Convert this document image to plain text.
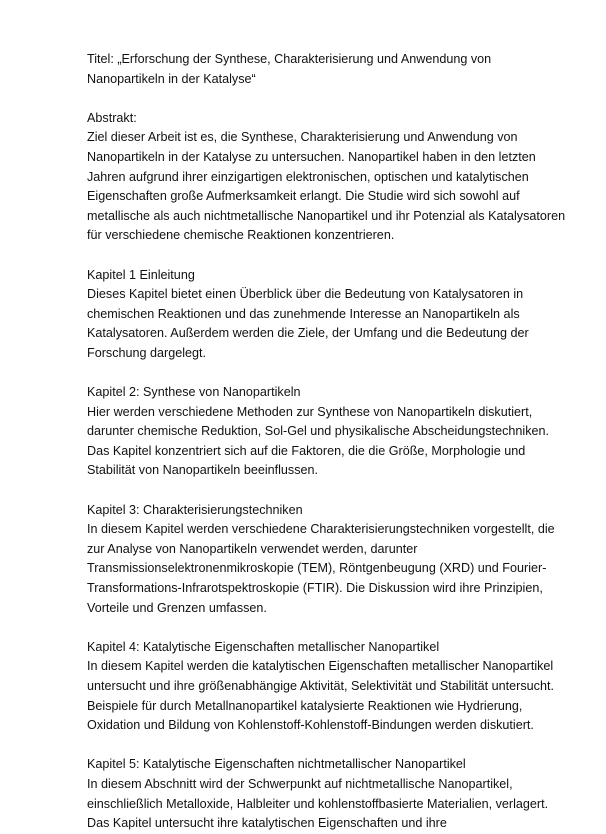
Titel: „Erforschung der Synthese, Charakterisierung und Anwendung von Nanopartikeln in der Katalyse“

Abstrakt:

Ziel dieser Arbeit ist es, die Synthese, Charakterisierung und Anwendung von Nanopartikeln in der Katalyse zu untersuchen. Nanopartikel haben in den letzten Jahren aufgrund ihrer einzigartigen elektronischen, optischen und katalytischen Eigenschaften große Aufmerksamkeit erlangt. Die Studie wird sich sowohl auf metallische als auch nichtmetallische Nanopartikel und ihr Potenzial als Katalysatoren für verschiedene chemische Reaktionen konzentrieren.

Kapitel 1 Einleitung

Dieses Kapitel bietet einen Überblick über die Bedeutung von Katalysatoren in chemischen Reaktionen und das zunehmende Interesse an Nanopartikeln als Katalysatoren. Außerdem werden die Ziele, der Umfang und die Bedeutung der Forschung dargelegt.

Kapitel 2: Synthese von Nanopartikeln

Hier werden verschiedene Methoden zur Synthese von Nanopartikeln diskutiert, darunter chemische Reduktion, Sol-Gel und physikalische Abscheidungstechniken. Das Kapitel konzentriert sich auf die Faktoren, die die Größe, Morphologie und Stabilität von Nanopartikeln beeinflussen.

Kapitel 3: Charakterisierungstechniken

In diesem Kapitel werden verschiedene Charakterisierungstechniken vorgestellt, die zur Analyse von Nanopartikeln verwendet werden, darunter Transmissionselektronenmikroskopie (TEM), Röntgenbeugung (XRD) und Fourier-Transformations-Infrarotspektroskopie (FTIR). Die Diskussion wird ihre Prinzipien, Vorteile und Grenzen umfassen.

Kapitel 4: Katalytische Eigenschaften metallischer Nanopartikel

In diesem Kapitel werden die katalytischen Eigenschaften metallischer Nanopartikel untersucht und ihre größenabhängige Aktivität, Selektivität und Stabilität untersucht. Beispiele für durch Metallnanopartikel katalysierte Reaktionen wie Hydrierung, Oxidation und Bildung von Kohlenstoff-Kohlenstoff-Bindungen werden diskutiert.

Kapitel 5: Katalytische Eigenschaften nichtmetallischer Nanopartikel

In diesem Abschnitt wird der Schwerpunkt auf nichtmetallische Nanopartikel, einschließlich Metalloxide, Halbleiter und kohlenstoffbasierte Materialien, verlagert. Das Kapitel untersucht ihre katalytischen Eigenschaften und ihre
